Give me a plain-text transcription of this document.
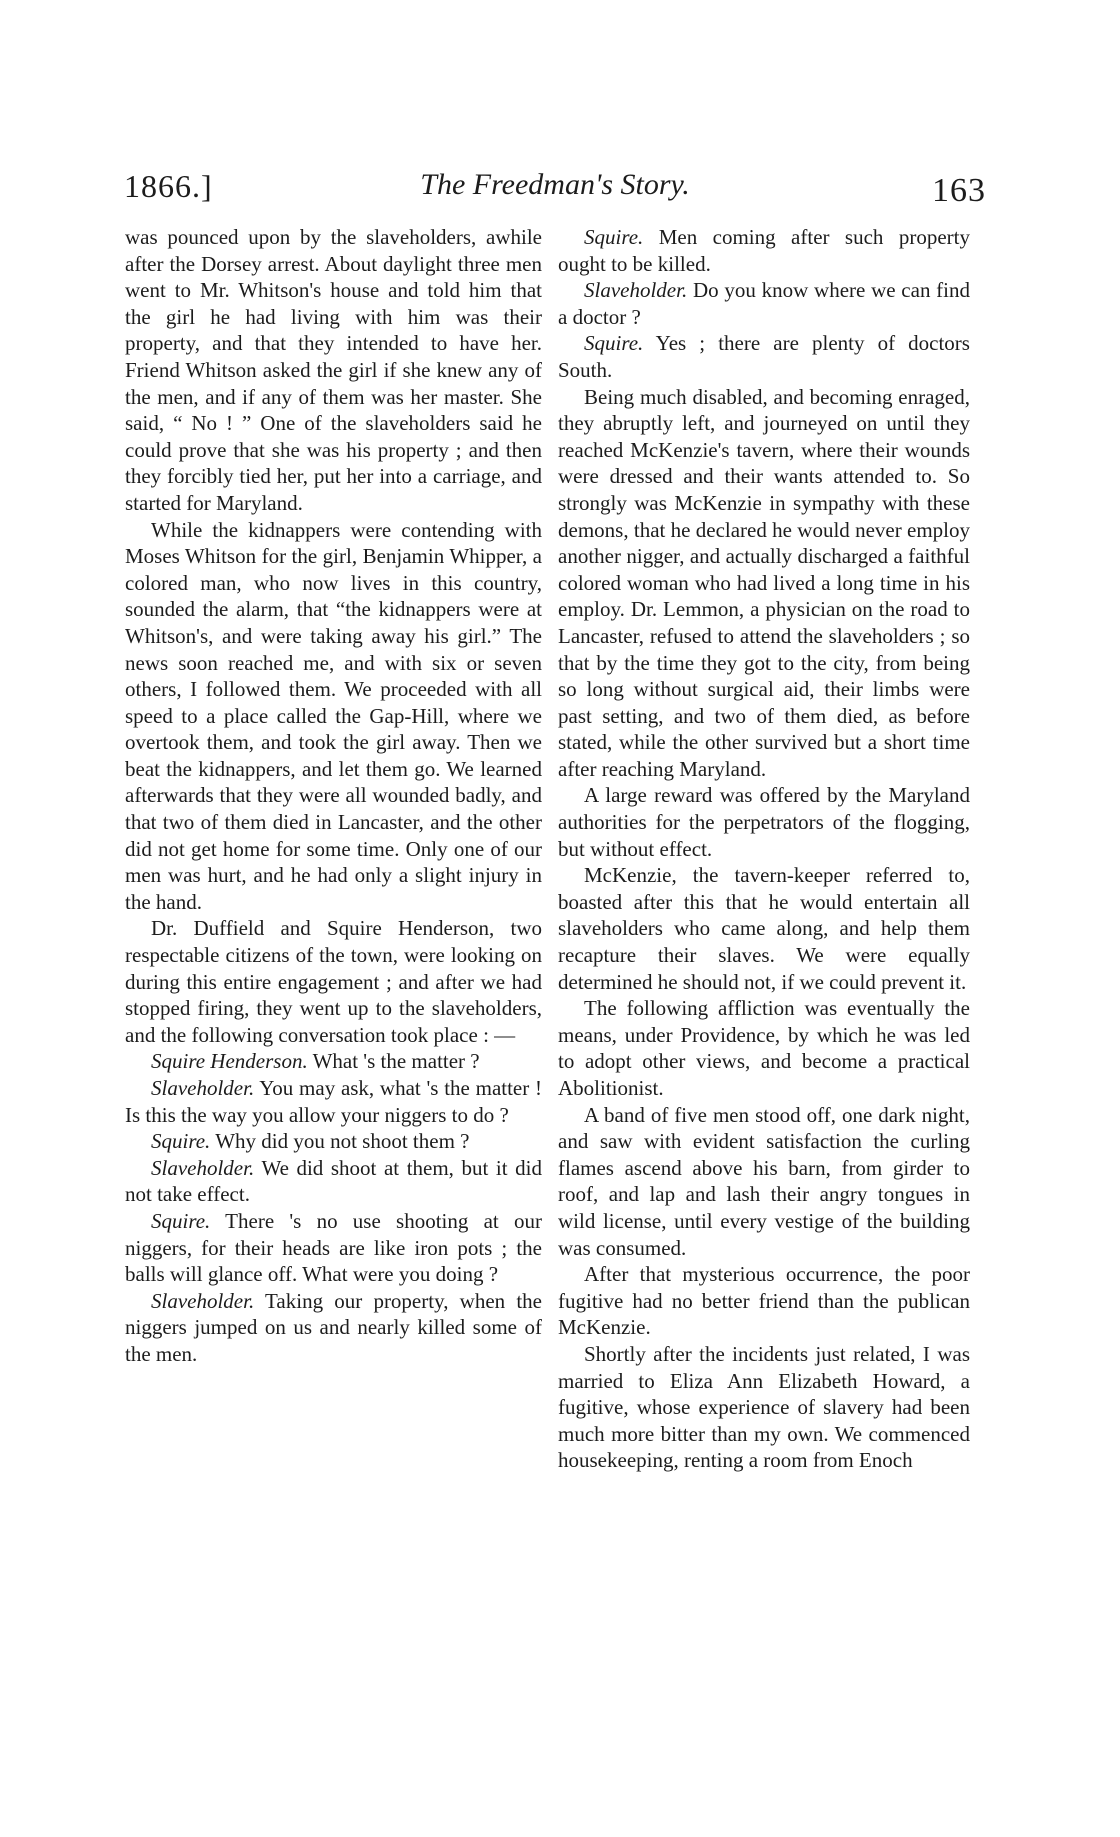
1866.]	The Freedman's Story.	163

was pounced upon by the slaveholders, awhile after the Dorsey arrest. About daylight three men went to Mr. Whitson's house and told him that the girl he had living with him was their property, and that they intended to have her. Friend Whitson asked the girl if she knew any of the men, and if any of them was her master. She said, “ No ! ” One of the slaveholders said he could prove that she was his property ; and then they forcibly tied her, put her into a carriage, and started for Maryland.

While the kidnappers were contending with Moses Whitson for the girl, Benjamin Whipper, a colored man, who now lives in this country, sounded the alarm, that “the kidnappers were at Whitson's, and were taking away his girl.” The news soon reached me, and with six or seven others, I followed them. We proceeded with all speed to a place called the Gap-Hill, where we overtook them, and took the girl away. Then we beat the kidnappers, and let them go. We learned afterwards that they were all wounded badly, and that two of them died in Lancaster, and the other did not get home for some time. Only one of our men was hurt, and he had only a slight injury in the hand.

Dr. Duffield and Squire Henderson, two respectable citizens of the town, were looking on during this entire engagement ; and after we had stopped firing, they went up to the slaveholders, and the following conversation took place : —

Squire Henderson. What 's the matter ?

Slaveholder. You may ask, what 's the matter ! Is this the way you allow your niggers to do ?

Squire. Why did you not shoot them ?

Slaveholder. We did shoot at them, but it did not take effect.

Squire. There 's no use shooting at our niggers, for their heads are like iron pots ; the balls will glance off. What were you doing ?

Slaveholder. Taking our property, when the niggers jumped on us and nearly killed some of the men.

Squire. Men coming after such property ought to be killed.

Slaveholder. Do you know where we can find a doctor ?

Squire. Yes ; there are plenty of doctors South.

Being much disabled, and becoming enraged, they abruptly left, and journeyed on until they reached McKenzie's tavern, where their wounds were dressed and their wants attended to. So strongly was McKenzie in sympathy with these demons, that he declared he would never employ another nigger, and actually discharged a faithful colored woman who had lived a long time in his employ. Dr. Lemmon, a physician on the road to Lancaster, refused to attend the slaveholders ; so that by the time they got to the city, from being so long without surgical aid, their limbs were past setting, and two of them died, as before stated, while the other survived but a short time after reaching Maryland.

A large reward was offered by the Maryland authorities for the perpetrators of the flogging, but without effect.

McKenzie, the tavern-keeper referred to, boasted after this that he would entertain all slaveholders who came along, and help them recapture their slaves. We were equally determined he should not, if we could prevent it.

The following affliction was eventually the means, under Providence, by which he was led to adopt other views, and become a practical Abolitionist.

A band of five men stood off, one dark night, and saw with evident satisfaction the curling flames ascend above his barn, from girder to roof, and lap and lash their angry tongues in wild license, until every vestige of the building was consumed.

After that mysterious occurrence, the poor fugitive had no better friend than the publican McKenzie.

Shortly after the incidents just related, I was married to Eliza Ann Elizabeth Howard, a fugitive, whose experience of slavery had been much more bitter than my own. We commenced housekeeping, renting a room from Enoch
